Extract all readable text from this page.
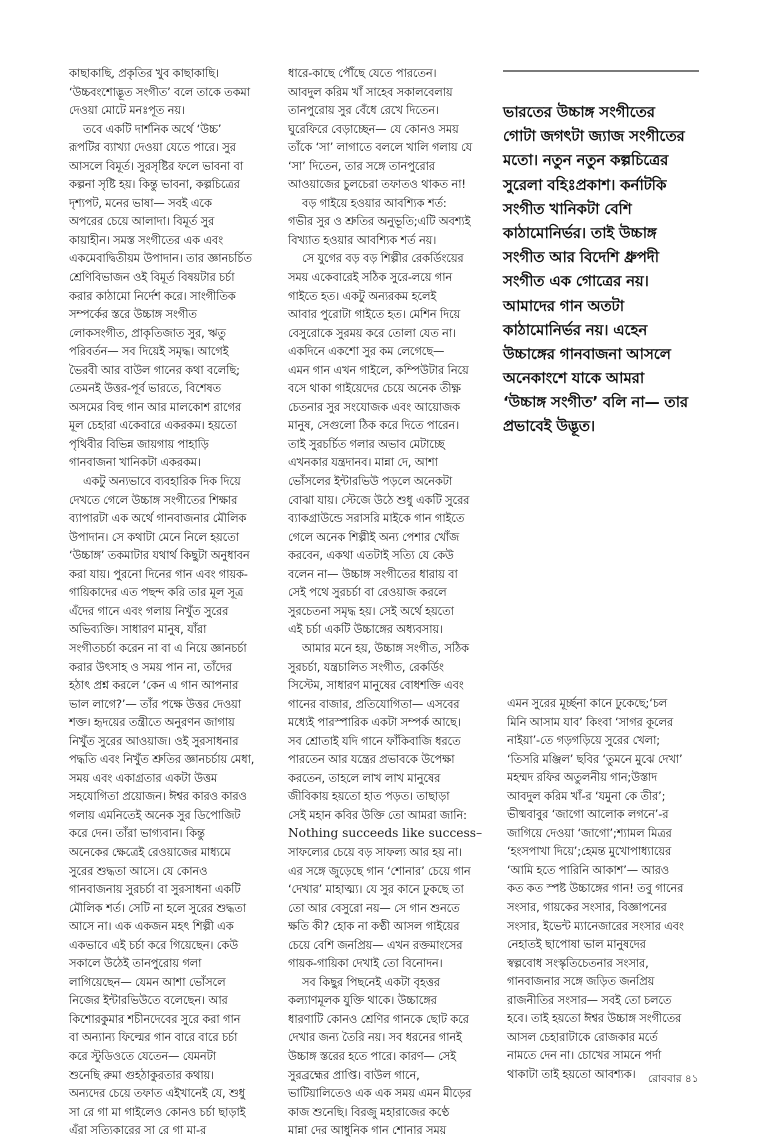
কাছাকাছি, প্রকৃতির খুব কাছাকাছি।
‘উচ্চবংশোদ্ভূত সংগীত’ বলে তাকে তকমা
দেওয়া মোটে মনঃপূত নয়।
তবে একটি দার্শনিক অর্থে ‘উচ্চ’
রূপটির ব্যাখ্যা দেওয়া যেতে পারে। সুর
আসলে বিমূর্ত। সুরসৃষ্টির ফলে ভাবনা বা
কল্পনা সৃষ্টি হয়। কিন্তু ভাবনা, কল্পচিত্রের
দৃশ্যপট, মনের ভাষা— সবই একে
অপরের চেয়ে আলাদা। বিমূর্ত সুর
কায়াহীন। সমস্ত সংগীতের এক এবং
একমেবাদ্বিতীয়ম উপাদান। তার জ্ঞানচর্চিত
শ্রেণিবিভাজন ওই বিমূর্ত বিষয়টার চর্চা
করার কাঠামো নির্দেশ করে। সাংগীতিক
সম্পর্কের স্তরে উচ্চাঙ্গ সংগীত
লোকসংগীত, প্রাকৃতিজাত সুর, ঋতু
পরিবর্তন— সব দিয়েই সমৃদ্ধ। আগেই
ভৈরবী আর বাউল গানের কথা বলেছি;
তেমনই উত্তর-পূর্ব ভারতে, বিশেষত
অসমের বিহু গান আর মালকোশ রাগের
মূল চেহারা একেবারে একরকম। হয়তো
পৃথিবীর বিভিন্ন জায়গায় পাহাড়ি
গানবাজনা খানিকটা একরকম।
একটু অন্যভাবে ব্যবহারিক দিক দিয়ে
দেখতে গেলে উচ্চাঙ্গ সংগীতের শিক্ষার
ব্যাপারটা এক অর্থে গানবাজনার মৌলিক
উপাদান। সে কথাটা মেনে নিলে হয়তো
‘উচ্চাঙ্গ’ তকমাটার যথার্থ কিছুটা অনুধাবন
করা যায়। পুরনো দিনের গান এবং গায়ক-
গায়িকাদের এত পছন্দ করি তার মূল সূত্র
এঁদের গানে এবং গলায় নিখুঁত সুরের
অভিব্যক্তি। সাধারণ মানুষ, যাঁরা
সংগীতচর্চা করেন না বা এ নিয়ে জ্ঞানচর্চা
করার উৎসাহ ও সময় পান না, তাঁদের
হঠাৎ প্রশ্ন করলে ‘কেন এ গান আপনার
ভাল লাগে?’— তাঁর পক্ষে উত্তর দেওয়া
শক্ত। হৃদয়ের তন্ত্রীতে অনুরণন জাগায়
নিখুঁত সুরের আওয়াজ। ওই সুরসাধনার
পদ্ধতি এবং নিখুঁত শ্রুতির জ্ঞানচর্চায় মেধা,
সময় এবং একাগ্রতার একটা উত্তম
সহযোগিতা প্রয়োজন। ঈশ্বর কারও কারও
গলায় এমনিতেই অনেক সুর ডিপোজিট
করে দেন। তাঁরা ভাগ্যবান। কিন্তু
অনেকের ক্ষেত্রেই রেওয়াজের মাধ্যমে
সুরের শুদ্ধতা আসে। যে কোনও
গানবাজনায় সুরচর্চা বা সুরসাধনা একটি
মৌলিক শর্ত। সেটি না হলে সুরের শুদ্ধতা
আসে না। এক একজন মহৎ শিল্পী এক
একভাবে এই চর্চা করে গিয়েছেন। কেউ
সকালে উঠেই তানপুরোয় গলা
লাগিয়েছেন— যেমন আশা ভোঁসলে
নিজের ইন্টারভিউতে বলেছেন। আর
কিশোরকুমার শচীনদেবের সুরে করা গান
বা অন্যান্য ফিল্মের গান বারে বারে চর্চা
করে স্টুডিওতে যেতেন— যেমনটা
শুনেছি রুমা গুহঠাকুরতার কথায়।
অন্যদের চেয়ে তফাত এইখানেই যে, শুধু
সা রে গা মা গাইলেও কোনও চর্চা ছাড়াই
এঁরা সত্যিকারের সা রে গা মা-র
ধারে-কাছে পৌঁছে যেতে পারতেন।
আবদুল করিম খাঁ সাহেব সকালবেলায়
তানপুরোয় সুর বেঁধে রেখে দিতেন।
ঘুরেফিরে বেড়াচ্ছেন— যে কোনও সময়
তাঁকে ‘সা’ লাগাতে বললে খালি গলায় যে
‘সা’ দিতেন, তার সঙ্গে তানপুরোর
আওয়াজের চুলচেরা তফাতও থাকত না!
বড় গাইয়ে হওয়ার আবশ্যিক শর্ত:
গভীর সুর ও শ্রুতির অনুভূতি;এটি অবশ্যই
বিখ্যাত হওয়ার আবশ্যিক শর্ত নয়।
সে যুগের বড় বড় শিল্পীর রেকর্ডিংয়ের
সময় একেবারেই সঠিক সুরে-লয়ে গান
গাইতে হত। একটু অন্যরকম হলেই
আবার পুরোটা গাইতে হত। মেশিন দিয়ে
বেসুরোকে সুরময় করে তোলা যেত না।
একদিনে একশো সুর কম লেগেছে—
এমন গান এখন গাইলে, কম্পিউটার নিয়ে
বসে থাকা গাইয়েদের চেয়ে অনেক তীক্ষ্ণ
চেতনার সুর সংযোজক এবং আয়োজক
মানুষ, সেগুলো ঠিক করে দিতে পারেন।
তাই সুরচর্চিত গলার অভাব মেটাচ্ছে
এখনকার যন্ত্রদানব। মান্না দে, আশা
ভোঁসলের ইন্টারভিউ পড়লে অনেকটা
বোঝা যায়। স্টেজে উঠে শুধু একটি সুরের
ব্যাকগ্রাউন্ডে সরাসরি মাইকে গান গাইতে
গেলে অনেক শিল্পীই অন্য পেশার খোঁজ
করবেন, একথা এতটাই সত্যি যে কেউ
বলেন না— উচ্চাঙ্গ সংগীতের ধারায় বা
সেই পথে সুরচর্চা বা রেওয়াজ করলে
সুরচেতনা সমৃদ্ধ হয়। সেই অর্থে হয়তো
এই চর্চা একটি উচ্চাঙ্গের অধ্যবসায়।
আমার মনে হয়, উচ্চাঙ্গ সংগীত, সঠিক
সুরচর্চা, যন্ত্রচালিত সংগীত, রেকর্ডিং
সিস্টেম, সাধারণ মানুষের বোধশক্তি এবং
গানের বাজার, প্রতিযোগিতা— এসবের
মধ্যেই পারস্পারিক একটা সম্পর্ক আছে।
সব শ্রোতাই যদি গানে ফাঁকিবাজি ধরতে
পারতেন আর যন্ত্রের প্রভাবকে উপেক্ষা
করতেন, তাহলে লাখ লাখ মানুষের
জীবিকায় হয়তো হাত পড়ত। তাছাড়া
সেই মহান কবির উক্তি তো আমরা জানি:
Nothing succeeds like success–
সাফল্যের চেয়ে বড় সাফল্য আর হয় না।
এর সঙ্গে জুড়েছে গান ‘শোনার’ চেয়ে গান
‘দেখার’ মাহাত্ম্য। যে সুর কানে ঢুকছে তা
তো আর বেসুরো নয়— সে গান শুনতে
ক্ষতি কী? হোক না কণ্ঠী আসল গাইয়ের
চেয়ে বেশি জনপ্রিয়— এখন রক্তমাংসের
গায়ক-গায়িকা দেখাই তো বিনোদন।
সব কিছুর পিছনেই একটা বৃহত্তর
কল্যাণমূলক যুক্তি থাকে। উচ্চাঙ্গের
ধারণাটি কোনও শ্রেণির গানকে ছোট করে
দেখার জন্য তৈরি নয়। সব ধরনের গানই
উচ্চাঙ্গ স্তরের হতে পারে। কারণ— সেই
সুরব্রহ্মের প্রাপ্তি। বাউল গানে,
ভাটিয়ালিতেও এক এক সময় এমন মীড়ের
কাজ শুনেছি। বিরজু মহারাজের কণ্ঠে
মান্না দের আধুনিক গান শোনার সময়
ভারতের উচ্চাঙ্গ সংগীতের
গোটা জগৎটা জ্যাজ সংগীতের
মতো। নতুন নতুন কল্পচিত্রের
সুরেলা বহিঃপ্রকাশ। কর্নাটকি
সংগীত খানিকটা বেশি
কাঠামোনির্ভর। তাই উচ্চাঙ্গ
সংগীত আর বিদেশি ধ্রুপদী
সংগীত এক গোত্রের নয়।
আমাদের গান অতটা
কাঠামোনির্ভর নয়। এহেন
উচ্চাঙ্গের গানবাজনা আসলে
অনেকাংশে যাকে আমরা
‘উচ্চাঙ্গ সংগীত’ বলি না— তার
প্রভাবেই উদ্ভূত।
এমন সুরের মূর্চ্ছনা কানে ঢুকেছে;‘চল
মিনি আসাম যাব’ কিংবা ‘সাগর কূলের
নাইয়া’-তে গড়গড়িয়ে সুরের খেলা;
‘তিসরি মঞ্জিল’ ছবির ‘তুমনে মুঝে দেখা’
মহম্মদ রফির অতুলনীয় গান;উস্তাদ
আবদুল করিম খাঁ-র ‘যমুনা কে তীর’;
ভীষ্মবাবুর ‘জাগো আলোক লগনে’-র
জাগিয়ে দেওয়া ‘জাগো’;শ্যামল মিত্রর
‘হংসপাখা দিয়ে’;হেমন্ত মুখোপাধ্যায়ের
‘আমি হতে পারিনি আকাশ’— আরও
কত কত স্পষ্ট উচ্চাঙ্গের গান! তবু গানের
সংসার, গায়কের সংসার, বিজ্ঞাপনের
সংসার, ইভেন্ট ম্যানেজারের সংসার এবং
নেহাতই ছাপোষা ভাল মানুষদের
স্বল্পবোধ সংস্কৃতিচেতনার সংসার,
গানবাজনার সঙ্গে জড়িত জনপ্রিয়
রাজনীতির সংসার— সবই তো চলতে
হবে। তাই হয়তো ঈশ্বর উচ্চাঙ্গ সংগীতের
আসল চেহারাটাকে রোজকার মর্তে
নামতে দেন না। চোখের সামনে পর্দা
থাকাটা তাই হয়তো আবশ্যক।	রোববার ৪১
